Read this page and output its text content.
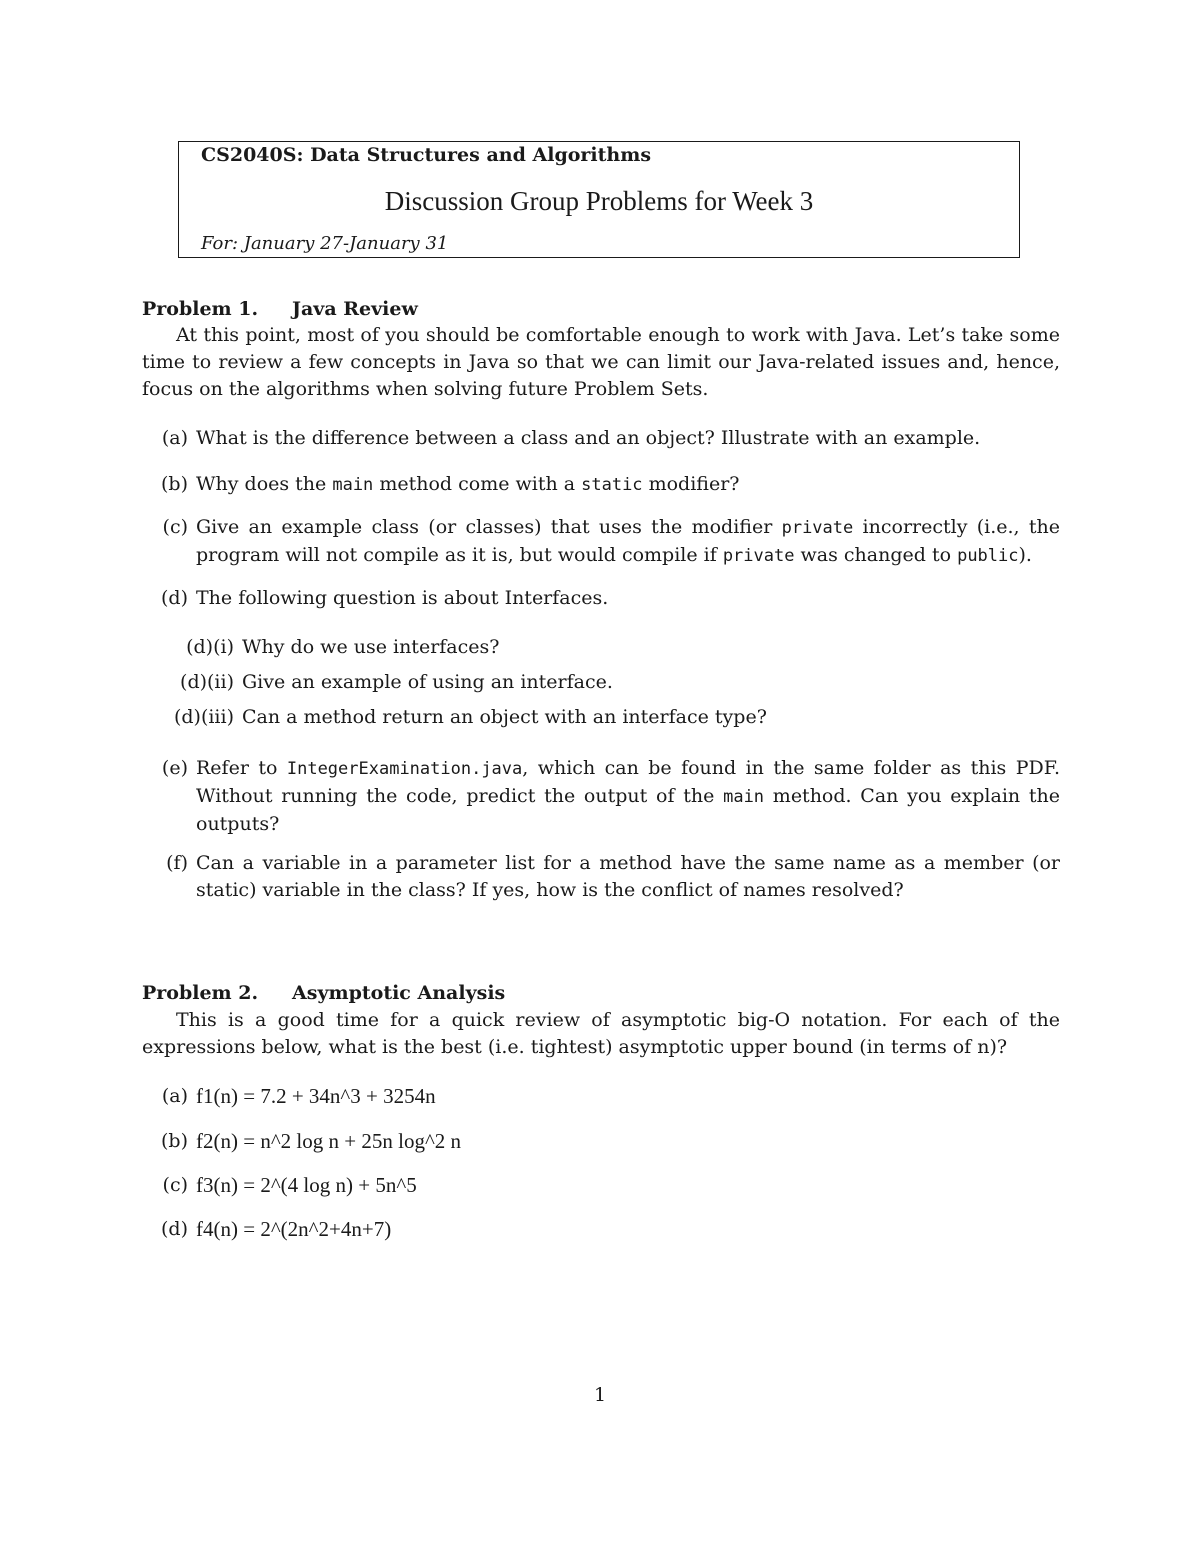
CS2040S: Data Structures and Algorithms
Discussion Group Problems for Week 3
For: January 27-January 31
Problem 1. Java Review

At this point, most of you should be comfortable enough to work with Java. Let’s take some time to review a few concepts in Java so that we can limit our Java-related issues and, hence, focus on the algorithms when solving future Problem Sets.

(a) What is the difference between a class and an object? Illustrate with an example.
(b) Why does the main method come with a static modifier?
(c) Give an example class (or classes) that uses the modifier private incorrectly (i.e., the program will not compile as it is, but would compile if private was changed to public).
(d) The following question is about Interfaces.
(d)(i) Why do we use interfaces?
(d)(ii) Give an example of using an interface.
(d)(iii) Can a method return an object with an interface type?
(e) Refer to IntegerExamination.java, which can be found in the same folder as this PDF. Without running the code, predict the output of the main method. Can you explain the outputs?
(f) Can a variable in a parameter list for a method have the same name as a member (or static) variable in the class? If yes, how is the conflict of names resolved?
Problem 2. Asymptotic Analysis

This is a good time for a quick review of asymptotic big-O notation. For each of the expressions below, what is the best (i.e. tightest) asymptotic upper bound (in terms of n)?

(a) f1(n) = 7.2 + 34n^3 + 3254n
(b) f2(n) = n^2 log n + 25n log^2 n
(c) f3(n) = 2^(4 log n) + 5n^5
(d) f4(n) = 2^(2n^2+4n+7)
1
